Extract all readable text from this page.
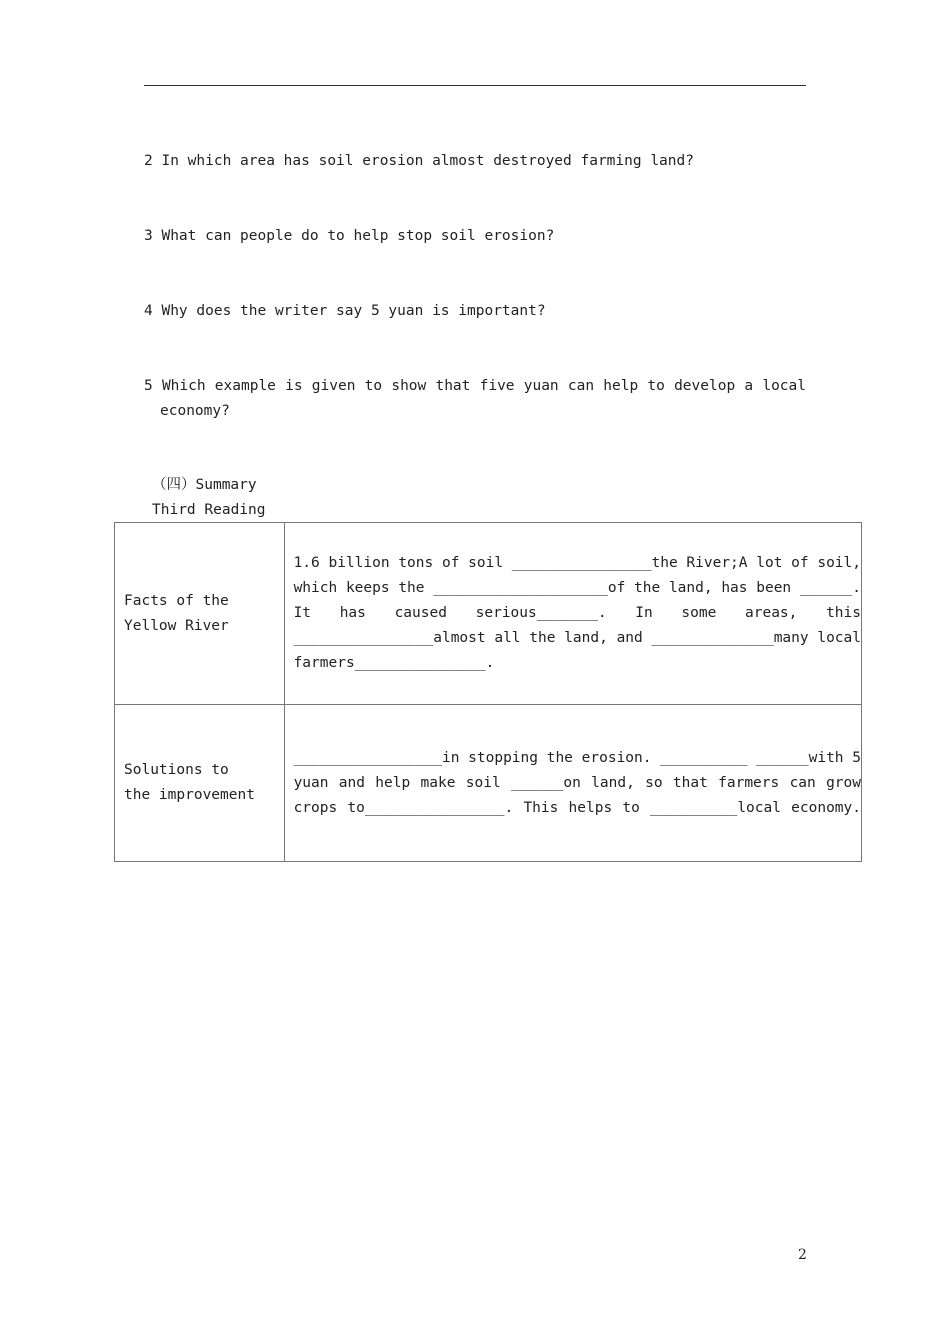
2 In which area has soil erosion almost destroyed farming land?
3 What can people do to help stop soil erosion?
4 Why does the writer say 5 yuan is important?
5 Which example is given to show that five yuan can help to develop a local
economy?
（四）Summary
Third Reading
Facts of the
Yellow River	1.6 billion tons of soil ________________the River;A lot of soil,
which keeps the ____________________of the land, has been ______.
It has caused serious_______. In some areas, this
________________almost all the land, and ______________many local
farmers_______________.

Solutions to
the improvement	_________________in stopping the erosion. __________ ______with 5
yuan and help make soil ______on land, so that farmers can grow
crops to________________. This helps to __________local economy.
2
